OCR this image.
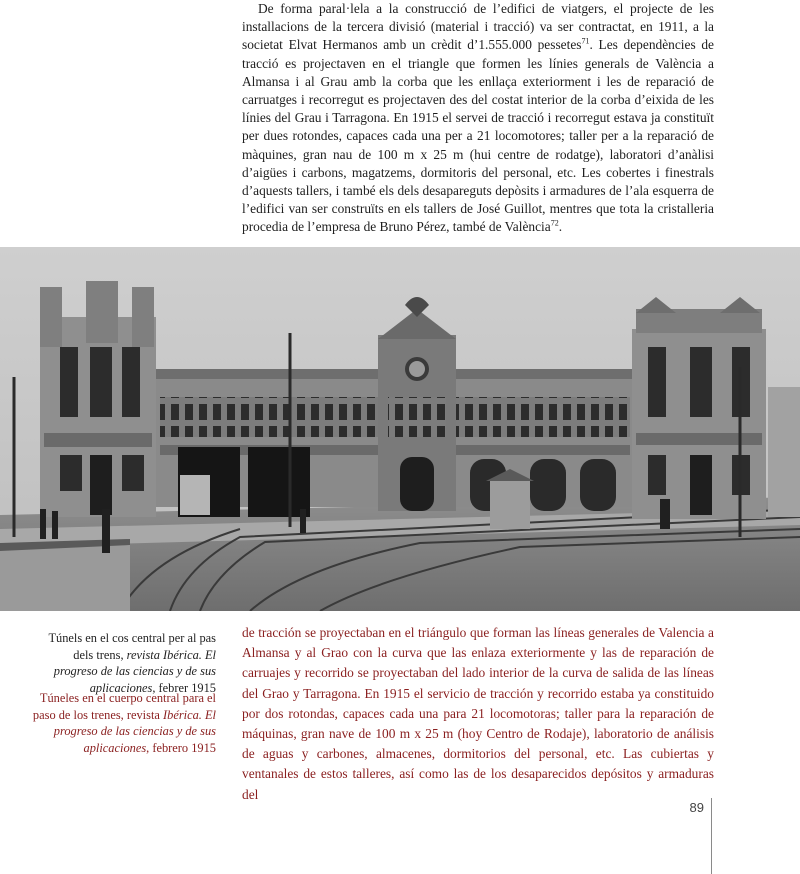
De forma paral·lela a la construcció de l’edifici de viatgers, el projecte de les installacions de la tercera divisió (material i tracció) va ser contractat, en 1911, a la societat Elvat Hermanos amb un crèdit d’1.555.000 pessetes$^{71}$. Les dependències de tracció es projectaven en el triangle que formen les línies generals de València a Almansa i al Grau amb la corba que les enllaça exteriorment i les de reparació de carruatges i recorregut es projectaven des del costat interior de la corba d’eixida de les línies del Grau i Tarragona. En 1915 el servei de tracció i recorregut estava ja constituït per dues rotondes, capaces cada una per a 21 locomotores; taller per a la reparació de màquines, gran nau de 100 m x 25 m (hui centre de rodatge), laboratori d’anàlisi d’aigües i carbons, magatzems, dormitoris del personal, etc. Les cobertes i finestrals d’aquests tallers, i també els dels desapareguts depòsits i armadures de l’ala esquerra de l’edifici van ser construïts en els tallers de José Guillot, mentres que tota la cristalleria procedia de l’empresa de Bruno Pérez, també de València$^{72}$.

Túnels en el cos central per al pas dels trens, revista Ibérica. El progreso de las ciencias y de sus aplicaciones, febrer 1915

Túneles en el cuerpo central para el paso de los trenes, revista Ibérica. El progreso de las ciencias y de sus aplicaciones, febrero 1915

de tracción se proyectaban en el triángulo que forman las líneas generales de Valencia a Almansa y al Grao con la curva que las enlaza exteriormente y las de reparación de carruajes y recorrido se proyectaban del lado interior de la curva de salida de las líneas del Grao y Tarragona. En 1915 el servicio de tracción y recorrido estaba ya constituido por dos rotondas, capaces cada una para 21 locomotoras; taller para la reparación de máquinas, gran nave de 100 m x 25 m (hoy Centro de Rodaje), laboratorio de análisis de aguas y carbones, almacenes, dormitorios del personal, etc. Las cubiertas y ventanales de estos talleres, así como las de los desaparecidos depósitos y armaduras del

89
